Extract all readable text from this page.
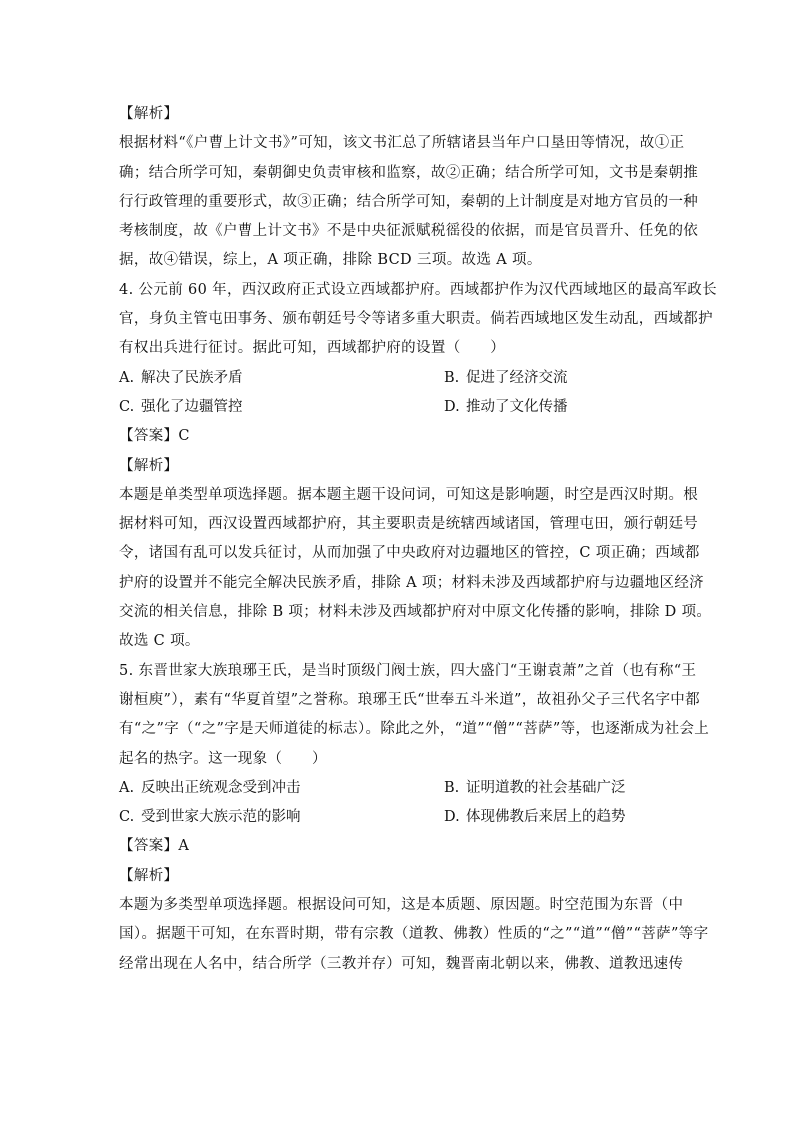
【解析】
根据材料“《户曹上计文书》”可知，该文书汇总了所辖诸县当年户口垦田等情况，故①正
确；结合所学可知，秦朝御史负责审核和监察，故②正确；结合所学可知，文书是秦朝推
行行政管理的重要形式，故③正确；结合所学可知，秦朝的上计制度是对地方官员的一种
考核制度，故《户曹上计文书》不是中央征派赋税徭役的依据，而是官员晋升、任免的依
据，故④错误，综上，A 项正确，排除 BCD 三项。故选 A 项。
4. 公元前 60 年，西汉政府正式设立西域都护府。西域都护作为汉代西域地区的最高军政长
官，身负主管屯田事务、颁布朝廷号令等诸多重大职责。倘若西域地区发生动乱，西域都护
有权出兵进行征讨。据此可知，西域都护府的设置（　　）
A. 解决了民族矛盾	B. 促进了经济交流
C. 强化了边疆管控	D. 推动了文化传播
【答案】C
【解析】
本题是单类型单项选择题。据本题主题干设问词，可知这是影响题，时空是西汉时期。根
据材料可知，西汉设置西域都护府，其主要职责是统辖西域诸国，管理屯田，颁行朝廷号
令，诸国有乱可以发兵征讨，从而加强了中央政府对边疆地区的管控，C 项正确；西域都
护府的设置并不能完全解决民族矛盾，排除 A 项；材料未涉及西域都护府与边疆地区经济
交流的相关信息，排除 B 项；材料未涉及西域都护府对中原文化传播的影响，排除 D 项。
故选 C 项。
5. 东晋世家大族琅琊王氏，是当时顶级门阀士族，四大盛门“王谢袁萧”之首（也有称“王
谢桓庾”），素有“华夏首望”之誉称。琅琊王氏“世奉五斗米道”，故祖孙父子三代名字中都
有“之”字（“之”字是天师道徒的标志）。除此之外，“道”“僧”“菩萨”等，也逐渐成为社会上
起名的热字。这一现象（　　）
A. 反映出正统观念受到冲击	B. 证明道教的社会基础广泛
C. 受到世家大族示范的影响	D. 体现佛教后来居上的趋势
【答案】A
【解析】
本题为多类型单项选择题。根据设问可知，这是本质题、原因题。时空范围为东晋（中
国）。据题干可知，在东晋时期，带有宗教（道教、佛教）性质的“之”“道”“僧”“菩萨”等字
经常出现在人名中，结合所学（三教并存）可知，魏晋南北朝以来，佛教、道教迅速传
